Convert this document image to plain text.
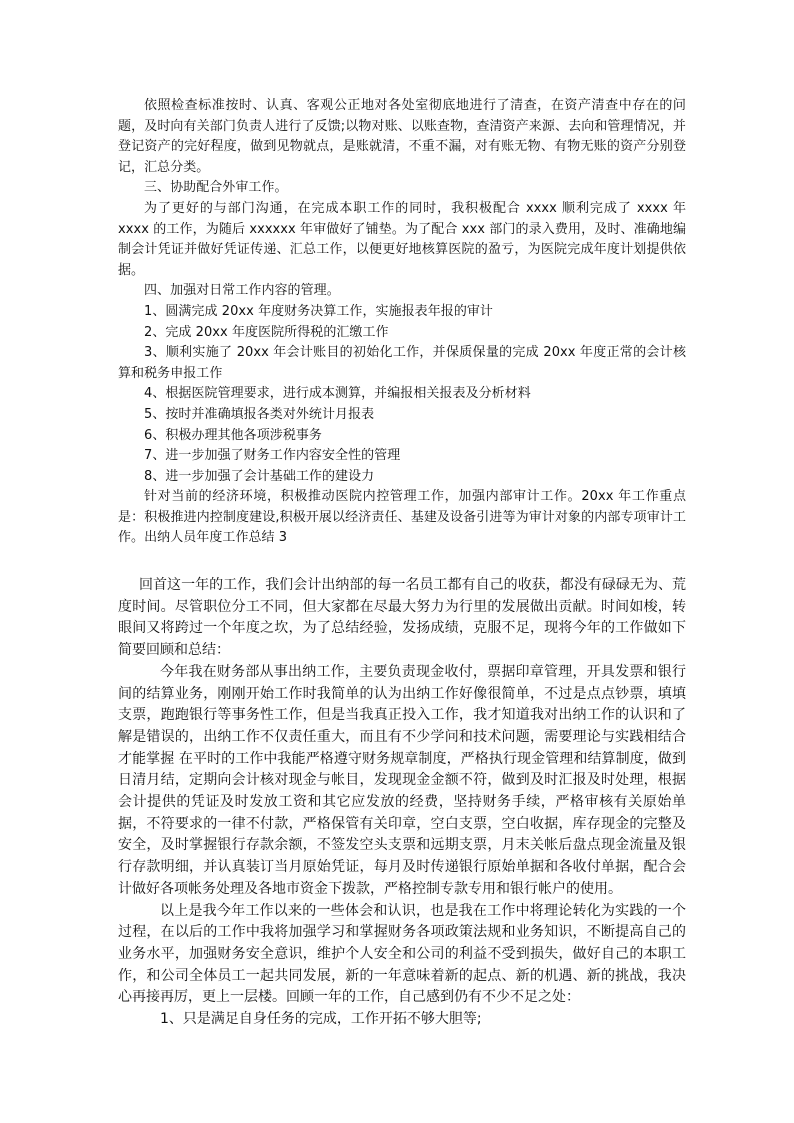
依照检查标准按时、认真、客观公正地对各处室彻底地进行了清查，在资产清查中存在的问题，及时向有关部门负责人进行了反馈;以物对账、以账查物，查清资产来源、去向和管理情况，并登记资产的完好程度，做到见物就点，是账就清，不重不漏，对有账无物、有物无账的资产分别登记，汇总分类。

三、协助配合外审工作。

为了更好的与部门沟通，在完成本职工作的同时，我积极配合 xxxx 顺利完成了 xxxx 年 xxxx 的工作，为随后 xxxxxx 年审做好了铺垫。为了配合 xxx 部门的录入费用，及时、准确地编制会计凭证并做好凭证传递、汇总工作，以便更好地核算医院的盈亏，为医院完成年度计划提供依据。

四、加强对日常工作内容的管理。

1、圆满完成 20xx 年度财务决算工作，实施报表年报的审计

2、完成 20xx 年度医院所得税的汇缴工作

3、顺利实施了 20xx 年会计账目的初始化工作，并保质保量的完成 20xx 年度正常的会计核算和税务申报工作

4、根据医院管理要求，进行成本测算，并编报相关报表及分析材料

5、按时并准确填报各类对外统计月报表

6、积极办理其他各项涉税事务

7、进一步加强了财务工作内容安全性的管理

8、进一步加强了会计基础工作的建设力

针对当前的经济环境，积极推动医院内控管理工作，加强内部审计工作。20xx 年工作重点是：积极推进内控制度建设,积极开展以经济责任、基建及设备引进等为审计对象的内部专项审计工作。出纳人员年度工作总结 3

回首这一年的工作，我们会计出纳部的每一名员工都有自己的收获，都没有碌碌无为、荒度时间。尽管职位分工不同，但大家都在尽最大努力为行里的发展做出贡献。时间如梭，转眼间又将跨过一个年度之坎，为了总结经验，发扬成绩，克服不足，现将今年的工作做如下简要回顾和总结：

今年我在财务部从事出纳工作，主要负责现金收付，票据印章管理，开具发票和银行间的结算业务，刚刚开始工作时我简单的认为出纳工作好像很简单，不过是点点钞票，填填支票，跑跑银行等事务性工作，但是当我真正投入工作，我才知道我对出纳工作的认识和了解是错误的，出纳工作不仅责任重大，而且有不少学问和技术问题，需要理论与实践相结合才能掌握 在平时的工作中我能严格遵守财务规章制度，严格执行现金管理和结算制度，做到日清月结，定期向会计核对现金与帐目，发现现金金额不符，做到及时汇报及时处理，根据会计提供的凭证及时发放工资和其它应发放的经费，坚持财务手续，严格审核有关原始单据，不符要求的一律不付款，严格保管有关印章，空白支票，空白收据，库存现金的完整及安全，及时掌握银行存款余额，不签发空头支票和远期支票，月末关帐后盘点现金流量及银行存款明细，并认真装订当月原始凭证，每月及时传递银行原始单据和各收付单据，配合会计做好各项帐务处理及各地市资金下拨款，严格控制专款专用和银行帐户的使用。

以上是我今年工作以来的一些体会和认识，也是我在工作中将理论转化为实践的一个过程，在以后的工作中我将加强学习和掌握财务各项政策法规和业务知识，不断提高自己的业务水平，加强财务安全意识，维护个人安全和公司的利益不受到损失，做好自己的本职工作，和公司全体员工一起共同发展，新的一年意味着新的起点、新的机遇、新的挑战，我决心再接再厉，更上一层楼。回顾一年的工作，自己感到仍有不少不足之处：

1、只是满足自身任务的完成，工作开拓不够大胆等;
